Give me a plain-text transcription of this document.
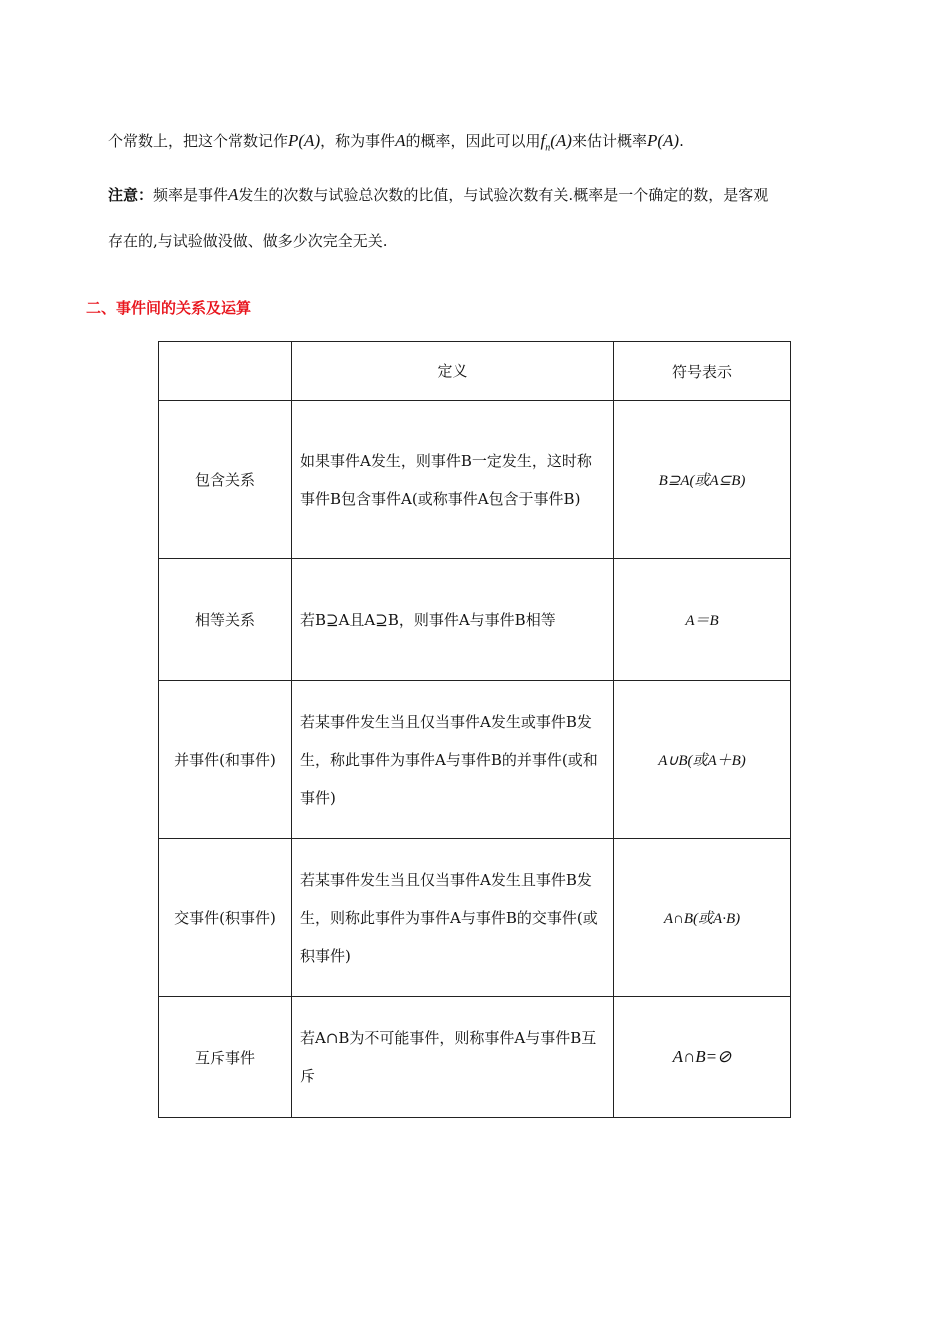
个常数上，把这个常数记作P(A)，称为事件A的概率，因此可以用$f_n(A)$来估计概率P(A).
注意：频率是事件A发生的次数与试验总次数的比值，与试验次数有关.概率是一个确定的数，是客观
存在的,与试验做没做、做多少次完全无关.
二、事件间的关系及运算
	定义	符号表示
包含关系	如果事件A发生，则事件B一定发生，这时称事件B包含事件A(或称事件A包含于事件B)	B⊇A(或A⊆B)
相等关系	若B⊇A且A⊇B，则事件A与事件B相等	A＝B
并事件(和事件)	若某事件发生当且仅当事件A发生或事件B发生，称此事件为事件A与事件B的并事件(或和事件)	A∪B(或A＋B)
交事件(积事件)	若某事件发生当且仅当事件A发生且事件B发生，则称此事件为事件A与事件B的交事件(或积事件)	A∩B(或A·B)
互斥事件	若A∩B为不可能事件，则称事件A与事件B互斥	A∩B=⊘
